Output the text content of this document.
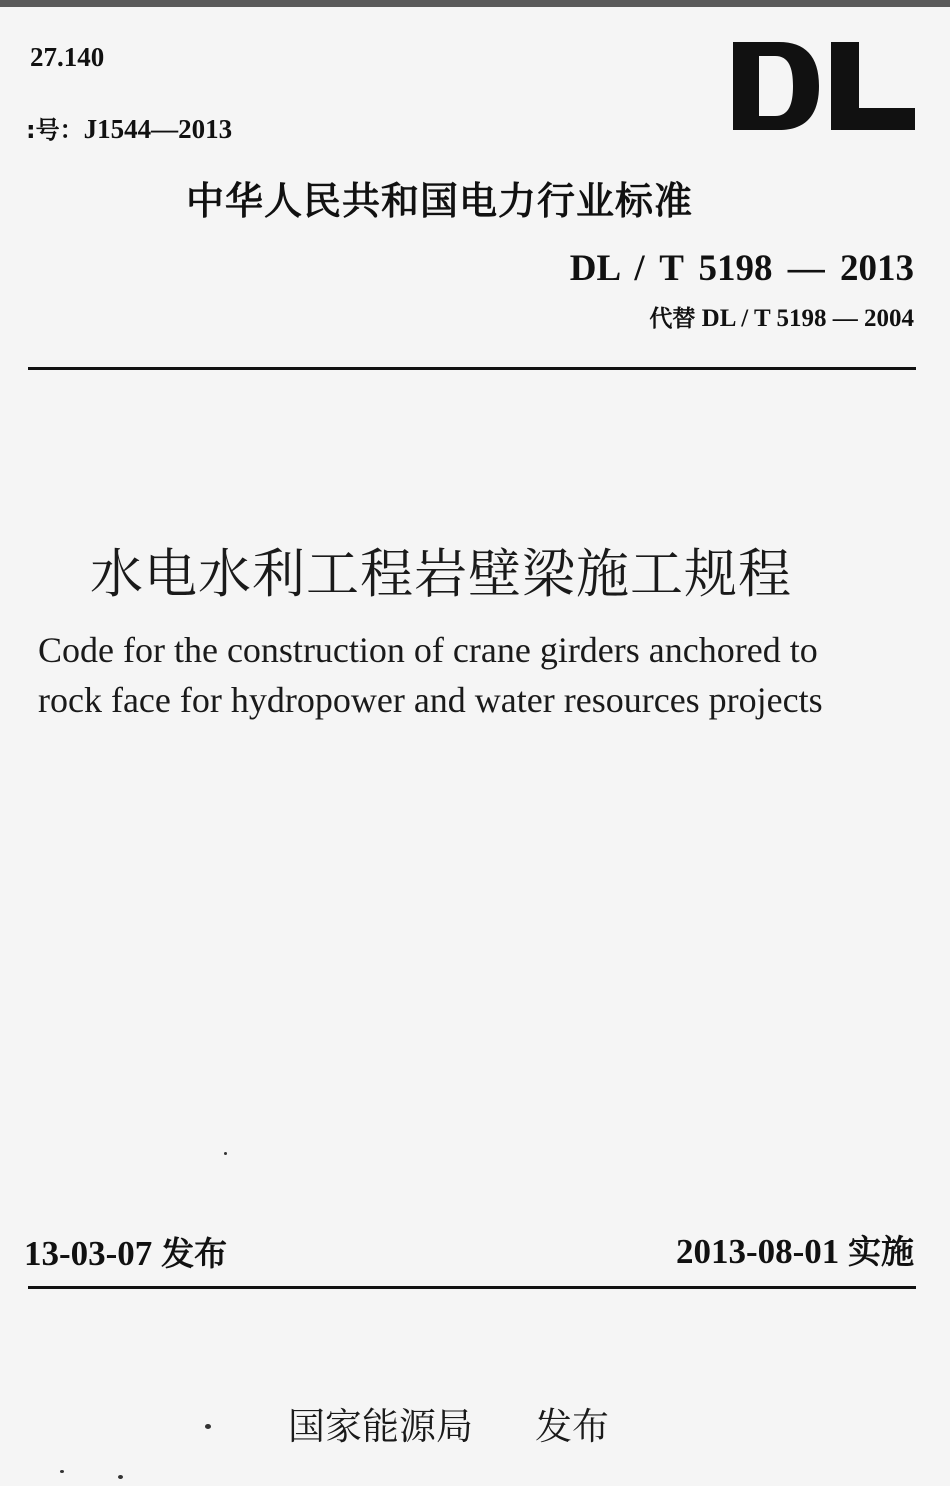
27.140
:号：J1544—2013
中华人民共和国电力行业标准
DL / T 5198 — 2013
代替 DL / T 5198 — 2004
水电水利工程岩壁梁施工规程
Code for the construction of crane girders anchored to
rock face for hydropower and water resources projects
13-03-07 发布	2013-08-01 实施
国家能源局 发布
